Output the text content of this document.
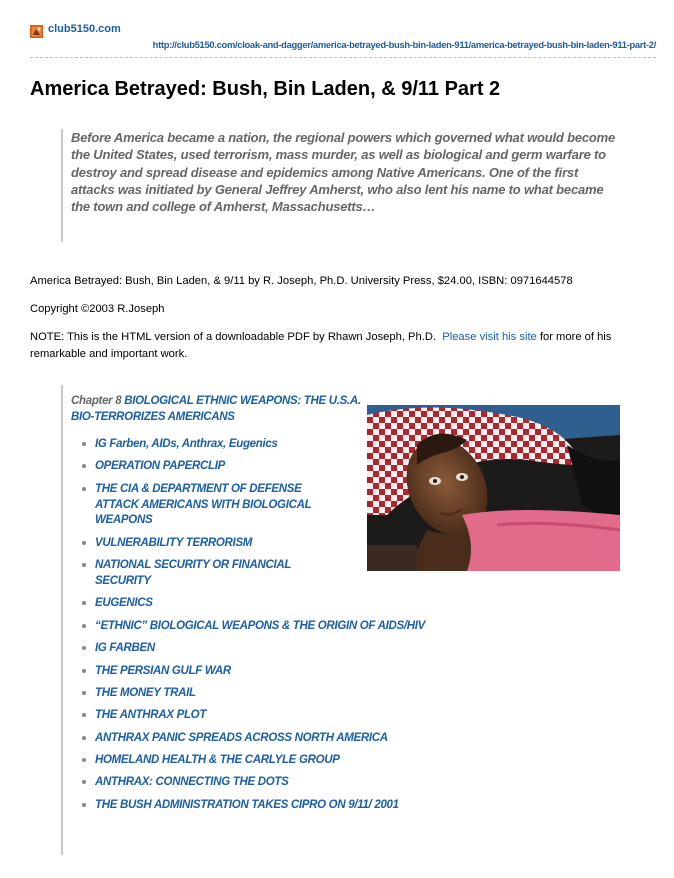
club5150.com
http://club5150.com/cloak-and-dagger/america-betrayed-bush-bin-laden-911/america-betrayed-bush-bin-laden-911-part-2/
America Betrayed: Bush, Bin Laden, & 9/11 Part 2

Before America became a nation, the regional powers which governed what would become the United States, used terrorism, mass murder, as well as biological and germ warfare to destroy and spread disease and epidemics among Native Americans. One of the first attacks was initiated by General Jeffrey Amherst, who also lent his name to what became the town and college of Amherst, Massachusetts…

America Betrayed: Bush, Bin Laden, & 9/11 by R. Joseph, Ph.D. University Press, $24.00, ISBN: 0971644578

Copyright ©2003 R.Joseph

NOTE: This is the HTML version of a downloadable PDF by Rhawn Joseph, Ph.D. Please visit his site for more of his remarkable and important work.

Chapter 8 BIOLOGICAL ETHNIC WEAPONS: THE U.S.A. BIO-TERRORIZES AMERICANS
IG Farben, AIDs, Anthrax, Eugenics
OPERATION PAPERCLIP
THE CIA & DEPARTMENT OF DEFENSE ATTACK AMERICANS WITH BIOLOGICAL WEAPONS
VULNERABILITY TERRORISM
NATIONAL SECURITY OR FINANCIAL SECURITY
EUGENICS
“ETHNIC” BIOLOGICAL WEAPONS & THE ORIGIN OF AIDS/HIV
IG FARBEN
THE PERSIAN GULF WAR
THE MONEY TRAIL
THE ANTHRAX PLOT
ANTHRAX PANIC SPREADS ACROSS NORTH AMERICA
HOMELAND HEALTH & THE CARLYLE GROUP
ANTHRAX: CONNECTING THE DOTS
THE BUSH ADMINISTRATION TAKES CIPRO ON 9/11/ 2001
